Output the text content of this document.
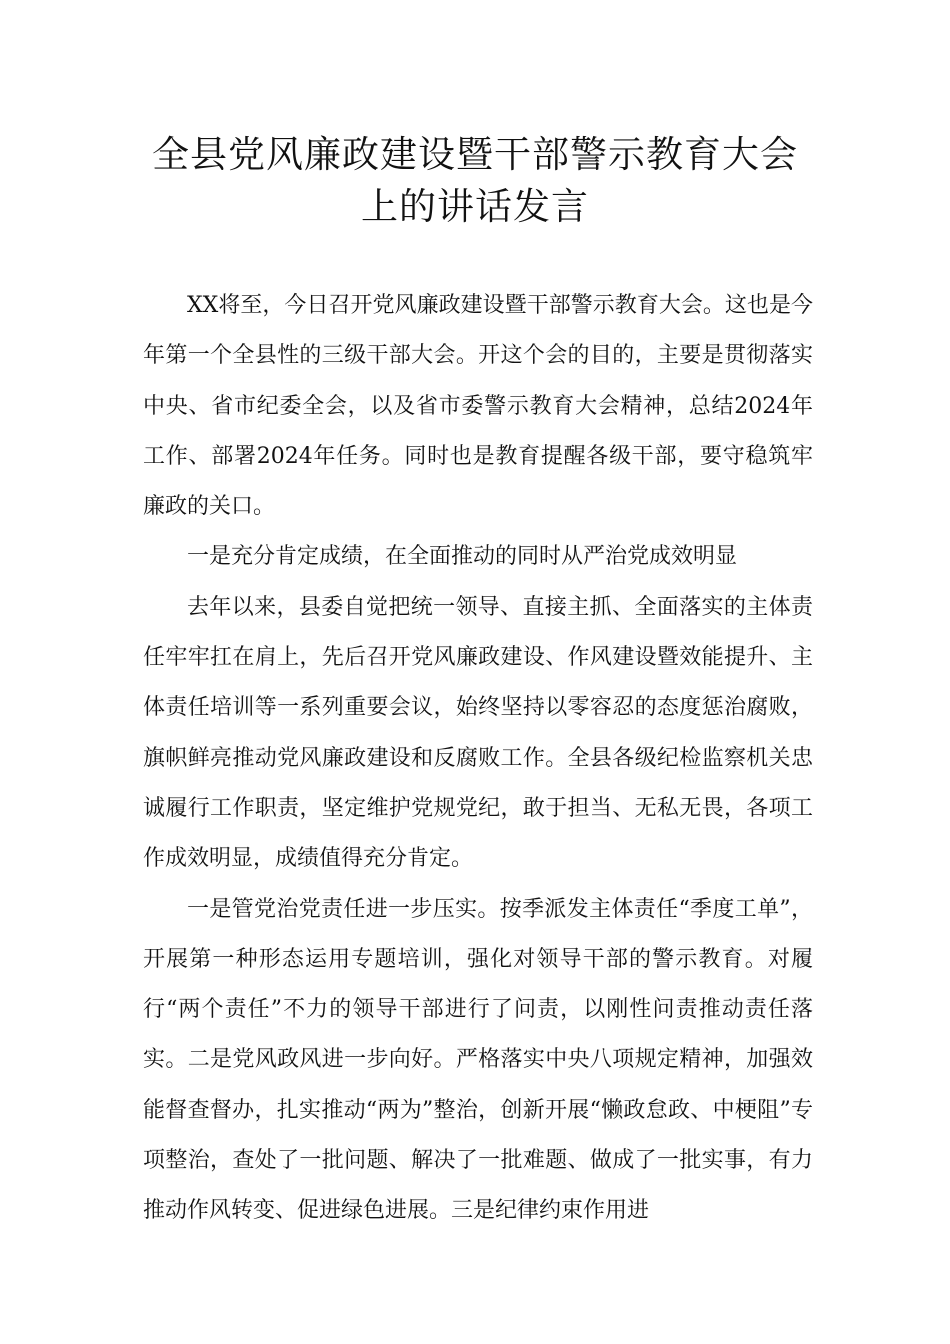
全县党风廉政建设暨干部警示教育大会
上的讲话发言

XX将至，今日召开党风廉政建设暨干部警示教育大会。这也是今年第一个全县性的三级干部大会。开这个会的目的，主要是贯彻落实中央、省市纪委全会，以及省市委警示教育大会精神，总结2024年工作、部署2024年任务。同时也是教育提醒各级干部，要守稳筑牢廉政的关口。

一是充分肯定成绩，在全面推动的同时从严治党成效明显

去年以来，县委自觉把统一领导、直接主抓、全面落实的主体责任牢牢扛在肩上，先后召开党风廉政建设、作风建设暨效能提升、主体责任培训等一系列重要会议，始终坚持以零容忍的态度惩治腐败，旗帜鲜亮推动党风廉政建设和反腐败工作。全县各级纪检监察机关忠诚履行工作职责，坚定维护党规党纪，敢于担当、无私无畏，各项工作成效明显，成绩值得充分肯定。

一是管党治党责任进一步压实。按季派发主体责任“季度工单”，开展第一种形态运用专题培训，强化对领导干部的警示教育。对履行“两个责任”不力的领导干部进行了问责，以刚性问责推动责任落实。二是党风政风进一步向好。严格落实中央八项规定精神，加强效能督查督办，扎实推动“两为”整治，创新开展“懒政怠政、中梗阻”专项整治，查处了一批问题、解决了一批难题、做成了一批实事，有力推动作风转变、促进绿色进展。三是纪律约束作用进
